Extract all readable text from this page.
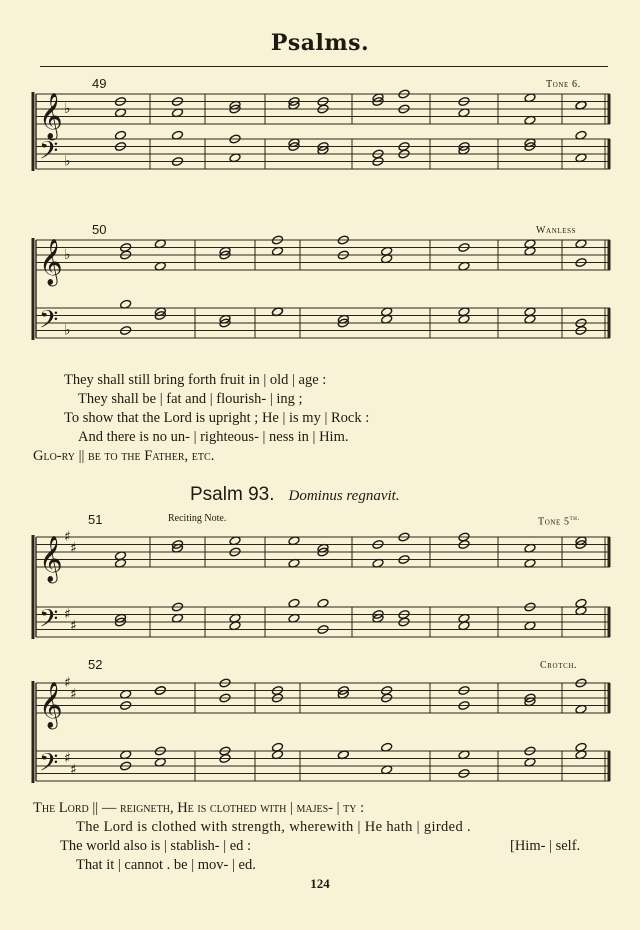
Psalms.
49	Tone 6.
50	Wanless
They shall still bring forth fruit in | old | age :
They shall be | fat and | flourish- | ing ;
To show that the Lord is upright ; He | is my | Rock :
And there is no un- | righteous- | ness in | Him.
Glo-ry || be to the Father, etc.
Psalm 93. Dominus regnavit.
51	Reciting Note.	Tone $5^{th.}$
52	Crotch.
The Lord || — reigneth, He is clothed with | majes- | ty :
The Lord is clothed with strength, wherewith | He hath | girded .
The world also is | stablish- | ed :	[Him- | self.
That it | cannot . be | mov- | ed.
124
𝄞
𝄢
♭
♭
𝄞
𝄢
♭
♭
𝄞
𝄢
♯
♯
♯
♯
𝄞
𝄢
♯
♯
♯
♯
